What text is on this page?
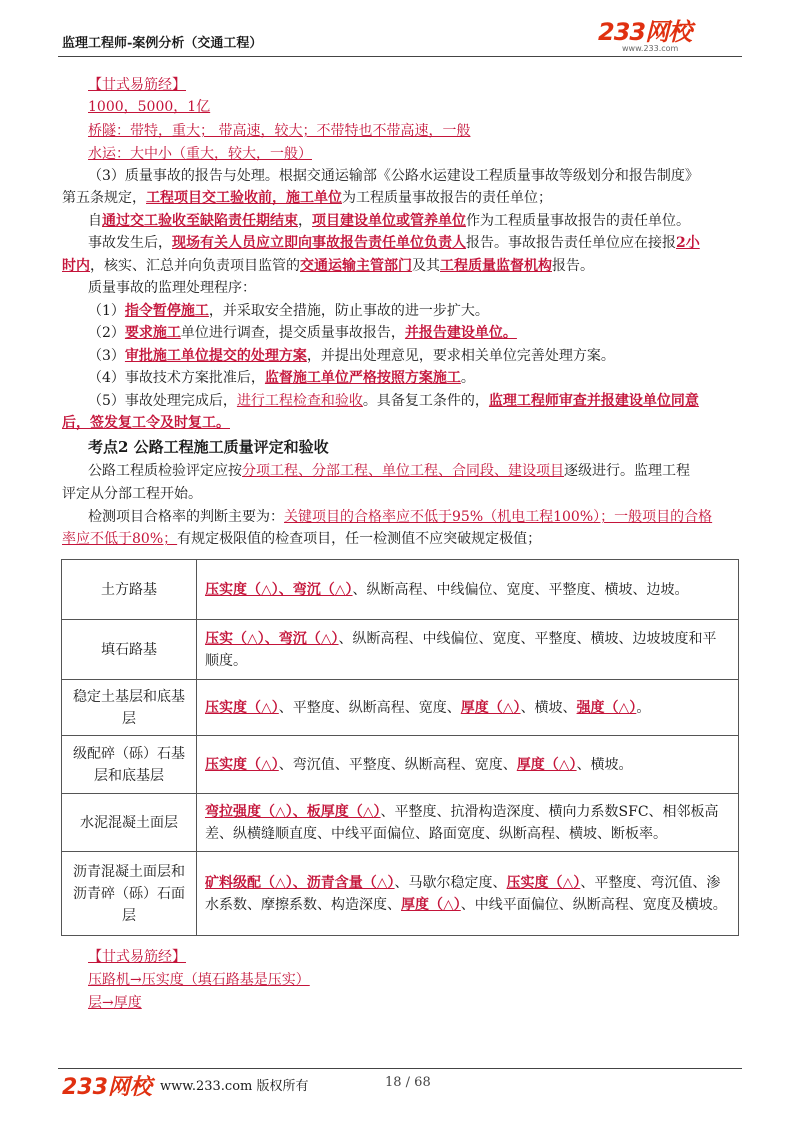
监理工程师-案例分析（交通工程）	233网校
www.233.com
【廿式易筋经】
1000，5000，1亿
桥隧：带特，重大； 带高速，较大；不带特也不带高速，一般
水运：大中小（重大，较大，一般）
（3）质量事故的报告与处理。根据交通运输部《公路水运建设工程质量事故等级划分和报告制度》
第五条规定，工程项目交工验收前，施工单位为工程质量事故报告的责任单位；
自通过交工验收至缺陷责任期结束，项目建设单位或管养单位作为工程质量事故报告的责任单位。
事故发生后，现场有关人员应立即向事故报告责任单位负责人报告。事故报告责任单位应在接报2小
时内，核实、汇总并向负责项目监管的交通运输主管部门及其工程质量监督机构报告。
质量事故的监理处理程序：
（1）指令暂停施工，并采取安全措施，防止事故的进一步扩大。
（2）要求施工单位进行调查，提交质量事故报告，并报告建设单位。
（3）审批施工单位提交的处理方案，并提出处理意见，要求相关单位完善处理方案。
（4）事故技术方案批准后，监督施工单位严格按照方案施工。
（5）事故处理完成后，进行工程检查和验收。具备复工条件的，监理工程师审查并报建设单位同意
后，签发复工令及时复工。
考点2 公路工程施工质量评定和验收
公路工程质检验评定应按分项工程、分部工程、单位工程、合同段、建设项目逐级进行。监理工程
评定从分部工程开始。
检测项目合格率的判断主要为：关键项目的合格率应不低于95%（机电工程100%）；一般项目的合格
率应不低于80%；有规定极限值的检查项目，任一检测值不应突破规定极值；
土方路基	压实度（△）、弯沉（△）、纵断高程、中线偏位、宽度、平整度、横坡、边坡。
填石路基	压实（△）、弯沉（△）、纵断高程、中线偏位、宽度、平整度、横坡、边坡坡度和平顺度。
稳定土基层和底基层	压实度（△）、平整度、纵断高程、宽度、厚度（△）、横坡、强度（△）。
级配碎（砾）石基层和底基层	压实度（△）、弯沉值、平整度、纵断高程、宽度、厚度（△）、横坡。
水泥混凝土面层	弯拉强度（△）、板厚度（△）、平整度、抗滑构造深度、横向力系数SFC、相邻板高差、纵横缝顺直度、中线平面偏位、路面宽度、纵断高程、横坡、断板率。
沥青混凝土面层和沥青碎（砾）石面层	矿料级配（△）、沥青含量（△）、马歇尔稳定度、压实度（△）、平整度、弯沉值、渗水系数、摩擦系数、构造深度、厚度（△）、中线平面偏位、纵断高程、宽度及横坡。
【廿式易筋经】
压路机→压实度（填石路基是压实）
层→厚度
233网校 www.233.com 版权所有	18 / 68
